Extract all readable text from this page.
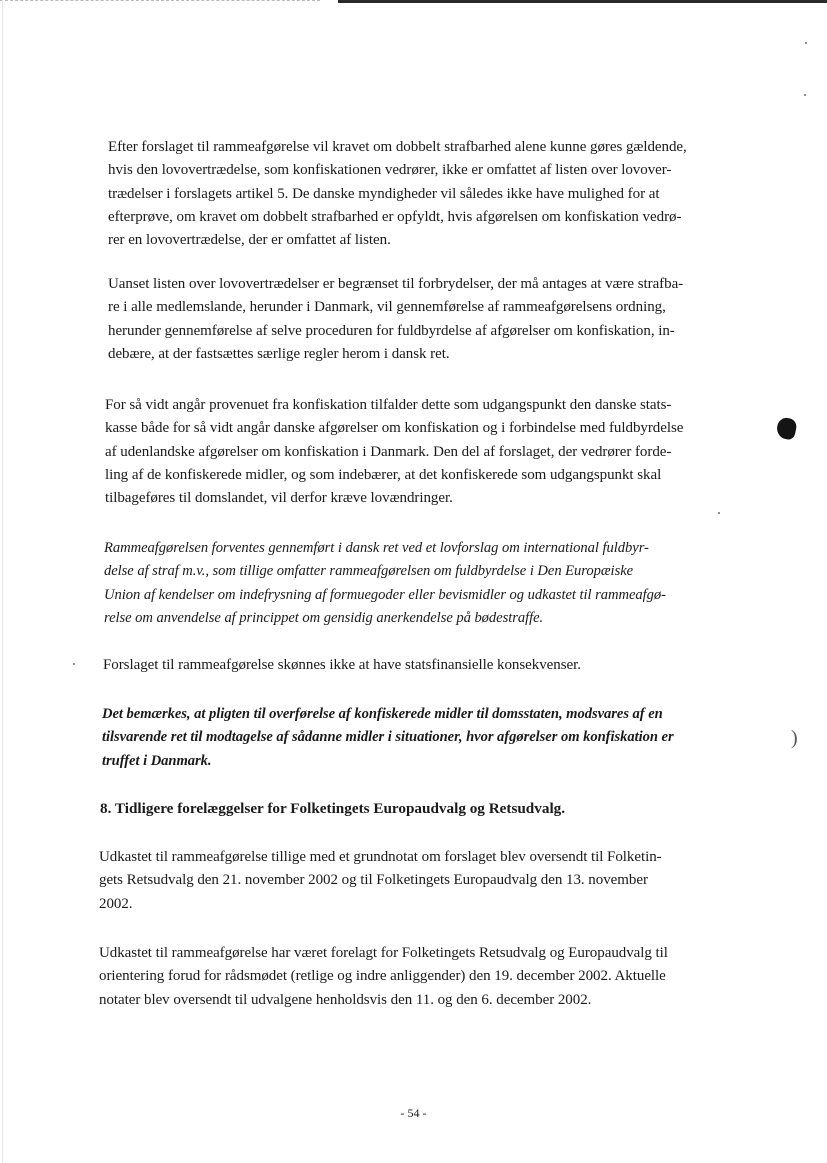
Efter forslaget til rammeafgørelse vil kravet om dobbelt strafbarhed alene kunne gøres gældende,
hvis den lovovertrædelse, som konfiskationen vedrører, ikke er omfattet af listen over lovover-
trædelser i forslagets artikel 5. De danske myndigheder vil således ikke have mulighed for at
efterprøve, om kravet om dobbelt strafbarhed er opfyldt, hvis afgørelsen om konfiskation vedrø-
rer en lovovertrædelse, der er omfattet af listen.
Uanset listen over lovovertrædelser er begrænset til forbrydelser, der må antages at være strafba-
re i alle medlemslande, herunder i Danmark, vil gennemførelse af rammeafgørelsens ordning,
herunder gennemførelse af selve proceduren for fuldbyrdelse af afgørelser om konfiskation, in-
debære, at der fastsættes særlige regler herom i dansk ret.
For så vidt angår provenuet fra konfiskation tilfalder dette som udgangspunkt den danske stats-
kasse både for så vidt angår danske afgørelser om konfiskation og i forbindelse med fuldbyrdelse
af udenlandske afgørelser om konfiskation i Danmark. Den del af forslaget, der vedrører forde-
ling af de konfiskerede midler, og som indebærer, at det konfiskerede som udgangspunkt skal
tilbageføres til domslandet, vil derfor kræve lovændringer.
Rammeafgørelsen forventes gennemført i dansk ret ved et lovforslag om international fuldbyr-
delse af straf m.v., som tillige omfatter rammeafgørelsen om fuldbyrdelse i Den Europæiske
Union af kendelser om indefrysning af formuegoder eller bevismidler og udkastet til rammeafgø-
relse om anvendelse af princippet om gensidig anerkendelse på bødestraffe.
Forslaget til rammeafgørelse skønnes ikke at have statsfinansielle konsekvenser.
Det bemærkes, at pligten til overførelse af konfiskerede midler til domsstaten, modsvares af en
tilsvarende ret til modtagelse af sådanne midler i situationer, hvor afgørelser om konfiskation er
truffet i Danmark.
8. Tidligere forelæggelser for Folketingets Europaudvalg og Retsudvalg.
Udkastet til rammeafgørelse tillige med et grundnotat om forslaget blev oversendt til Folketin-
gets Retsudvalg den 21. november 2002 og til Folketingets Europaudvalg den 13. november
2002.
Udkastet til rammeafgørelse har været forelagt for Folketingets Retsudvalg og Europaudvalg til
orientering forud for rådsmødet (retlige og indre anliggender) den 19. december 2002. Aktuelle
notater blev oversendt til udvalgene henholdsvis den 11. og den 6. december 2002.
- 54 -
)
